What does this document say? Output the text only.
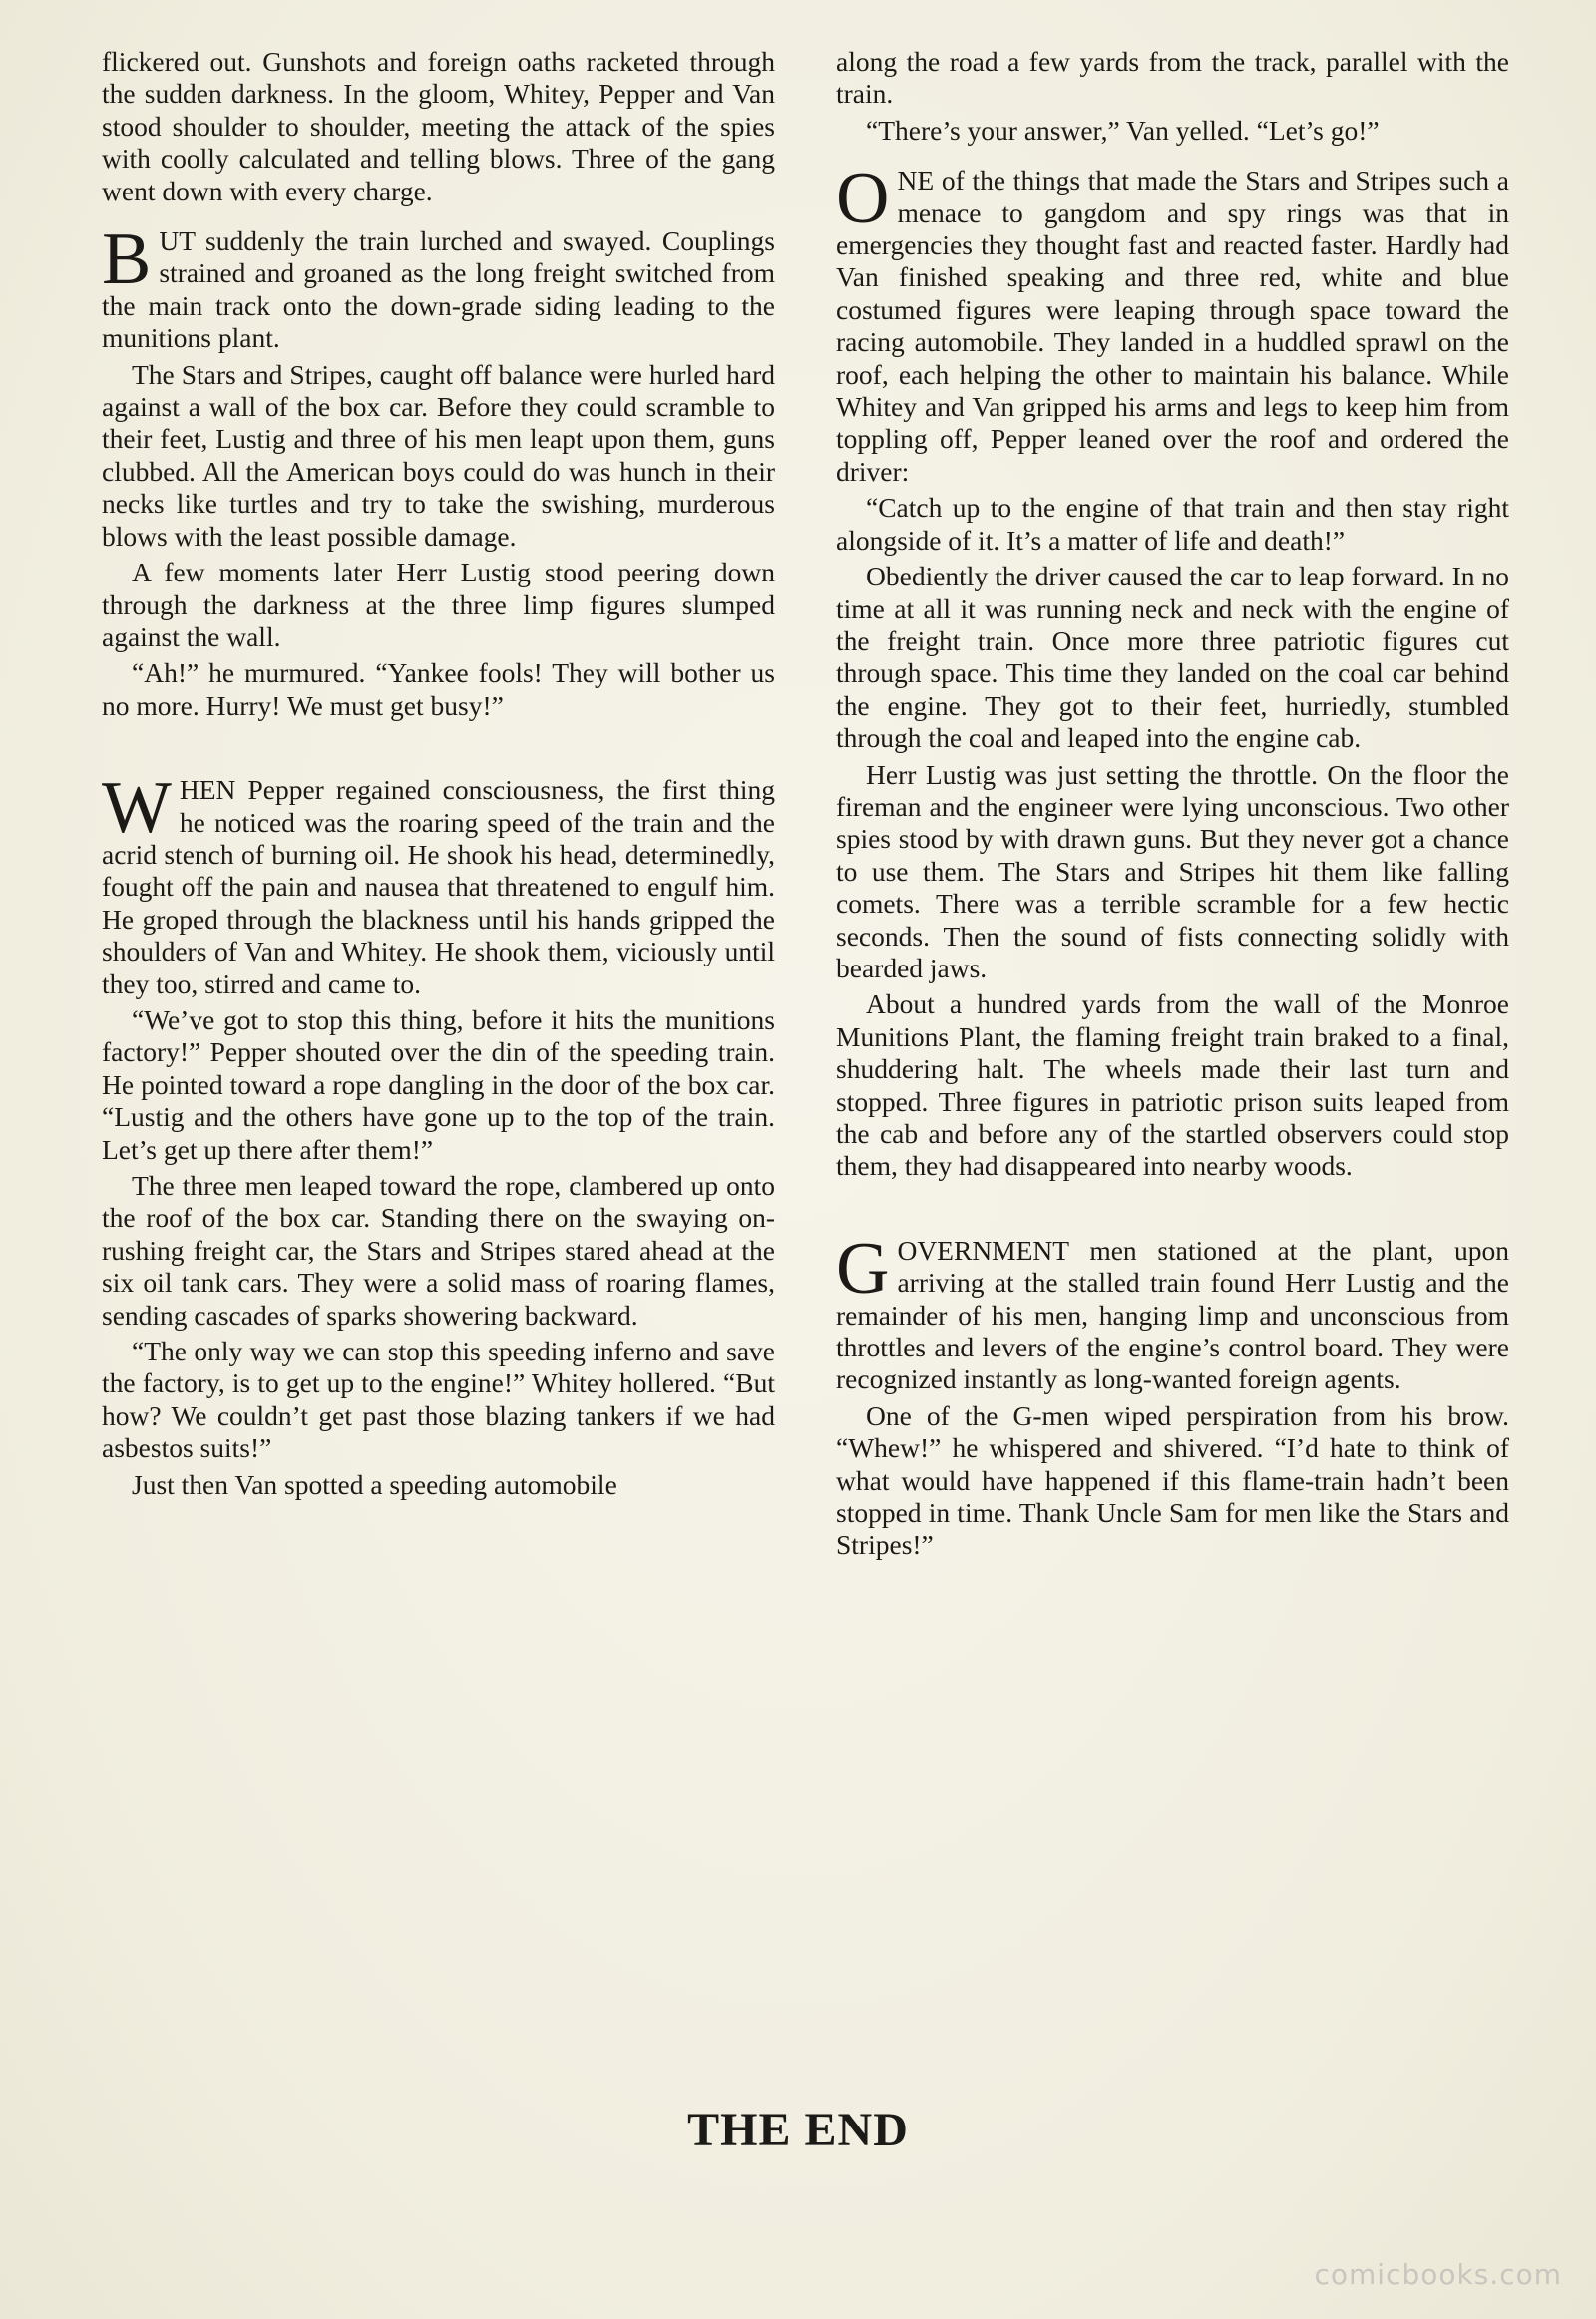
flickered out. Gunshots and foreign oaths racketed through the sudden darkness. In the gloom, Whitey, Pepper and Van stood shoulder to shoulder, meeting the attack of the spies with coolly calculated and telling blows. Three of the gang went down with every charge.

BUT suddenly the train lurched and swayed. Couplings strained and groaned as the long freight switched from the main track onto the down-grade siding leading to the munitions plant.

The Stars and Stripes, caught off balance were hurled hard against a wall of the box car. Before they could scramble to their feet, Lustig and three of his men leapt upon them, guns clubbed. All the American boys could do was hunch in their necks like turtles and try to take the swishing, murderous blows with the least possible damage.

A few moments later Herr Lustig stood peering down through the darkness at the three limp figures slumped against the wall.

“Ah!” he murmured. “Yankee fools! They will bother us no more. Hurry! We must get busy!”

WHEN Pepper regained consciousness, the first thing he noticed was the roaring speed of the train and the acrid stench of burning oil. He shook his head, determinedly, fought off the pain and nausea that threatened to engulf him. He groped through the blackness until his hands gripped the shoulders of Van and Whitey. He shook them, viciously until they too, stirred and came to.

“We’ve got to stop this thing, before it hits the munitions factory!” Pepper shouted over the din of the speeding train. He pointed toward a rope dangling in the door of the box car. “Lustig and the others have gone up to the top of the train. Let’s get up there after them!”

The three men leaped toward the rope, clambered up onto the roof of the box car. Standing there on the swaying on-rushing freight car, the Stars and Stripes stared ahead at the six oil tank cars. They were a solid mass of roaring flames, sending cascades of sparks showering backward.

“The only way we can stop this speeding inferno and save the factory, is to get up to the engine!” Whitey hollered. “But how? We couldn’t get past those blazing tankers if we had asbestos suits!”

Just then Van spotted a speeding automobile

along the road a few yards from the track, parallel with the train.

“There’s your answer,” Van yelled. “Let’s go!”

ONE of the things that made the Stars and Stripes such a menace to gangdom and spy rings was that in emergencies they thought fast and reacted faster. Hardly had Van finished speaking and three red, white and blue costumed figures were leaping through space toward the racing automobile. They landed in a huddled sprawl on the roof, each helping the other to maintain his balance. While Whitey and Van gripped his arms and legs to keep him from toppling off, Pepper leaned over the roof and ordered the driver:

“Catch up to the engine of that train and then stay right alongside of it. It’s a matter of life and death!”

Obediently the driver caused the car to leap forward. In no time at all it was running neck and neck with the engine of the freight train. Once more three patriotic figures cut through space. This time they landed on the coal car behind the engine. They got to their feet, hurriedly, stumbled through the coal and leaped into the engine cab.

Herr Lustig was just setting the throttle. On the floor the fireman and the engineer were lying unconscious. Two other spies stood by with drawn guns. But they never got a chance to use them. The Stars and Stripes hit them like falling comets. There was a terrible scramble for a few hectic seconds. Then the sound of fists connecting solidly with bearded jaws.

About a hundred yards from the wall of the Monroe Munitions Plant, the flaming freight train braked to a final, shuddering halt. The wheels made their last turn and stopped. Three figures in patriotic prison suits leaped from the cab and before any of the startled observers could stop them, they had disappeared into nearby woods.

GOVERNMENT men stationed at the plant, upon arriving at the stalled train found Herr Lustig and the remainder of his men, hanging limp and unconscious from throttles and levers of the engine’s control board. They were recognized instantly as long-wanted foreign agents.

One of the G-men wiped perspiration from his brow. “Whew!” he whispered and shivered. “I’d hate to think of what would have happened if this flame-train hadn’t been stopped in time. Thank Uncle Sam for men like the Stars and Stripes!”

THE END
comicbooks.com
